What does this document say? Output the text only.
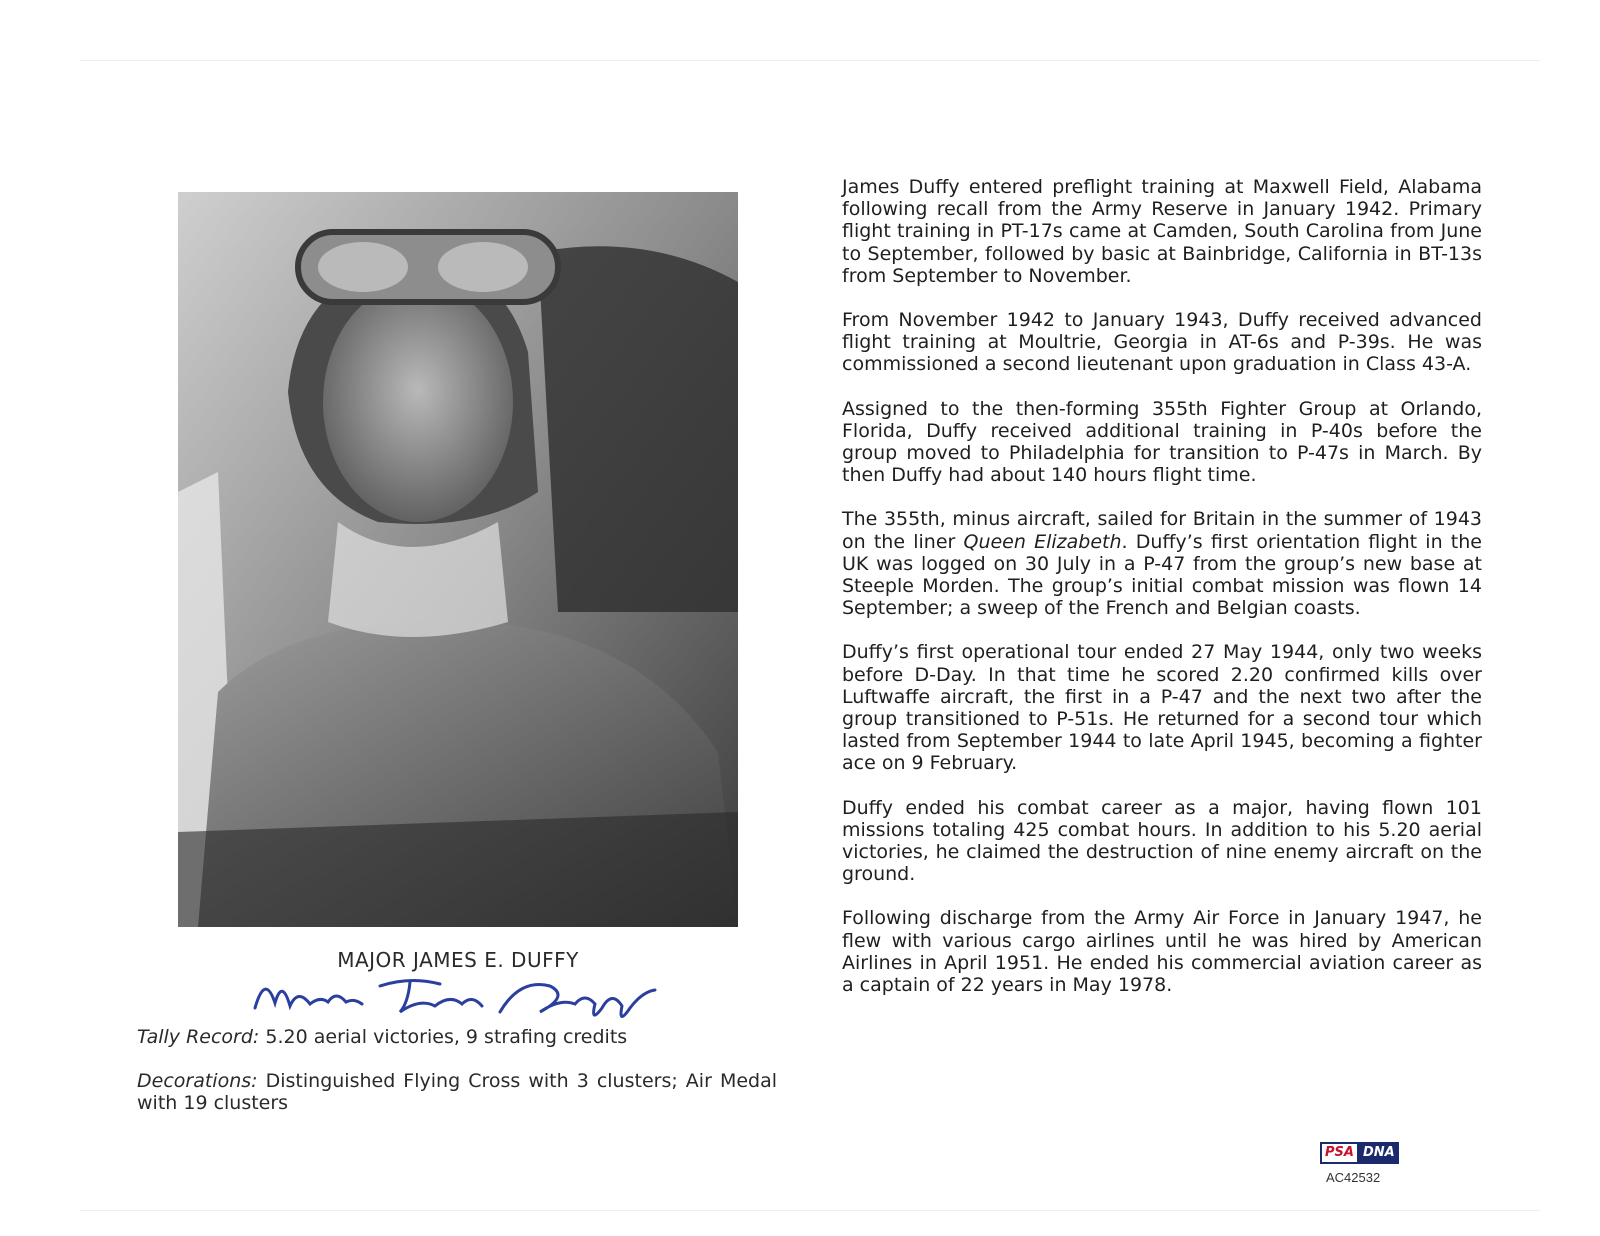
MAJOR JAMES E. DUFFY
Tally Record: 5.20 aerial victories, 9 strafing credits
Decorations: Distinguished Flying Cross with 3 clusters; Air Medal with 19 clusters

James Duffy entered preflight training at Maxwell Field, Alabama following recall from the Army Reserve in January 1942. Primary flight training in PT-17s came at Camden, South Carolina from June to September, followed by basic at Bainbridge, California in BT-13s from September to November.

From November 1942 to January 1943, Duffy received advanced flight training at Moultrie, Georgia in AT-6s and P-39s. He was commissioned a second lieutenant upon graduation in Class 43-A.

Assigned to the then-forming 355th Fighter Group at Orlando, Florida, Duffy received additional training in P-40s before the group moved to Philadelphia for transition to P-47s in March. By then Duffy had about 140 hours flight time.

The 355th, minus aircraft, sailed for Britain in the summer of 1943 on the liner Queen Elizabeth. Duffy’s first orientation flight in the UK was logged on 30 July in a P-47 from the group’s new base at Steeple Morden. The group’s initial combat mission was flown 14 September; a sweep of the French and Belgian coasts.

Duffy’s first operational tour ended 27 May 1944, only two weeks before D-Day. In that time he scored 2.20 confirmed kills over Luftwaffe aircraft, the first in a P-47 and the next two after the group transitioned to P-51s. He returned for a second tour which lasted from September 1944 to late April 1945, becoming a fighter ace on 9 February.

Duffy ended his combat career as a major, having flown 101 missions totaling 425 combat hours. In addition to his 5.20 aerial victories, he claimed the destruction of nine enemy aircraft on the ground.

Following discharge from the Army Air Force in January 1947, he flew with various cargo airlines until he was hired by American Airlines in April 1951. He ended his commercial aviation career as a captain of 22 years in May 1978.

PSA DNA
AC42532
